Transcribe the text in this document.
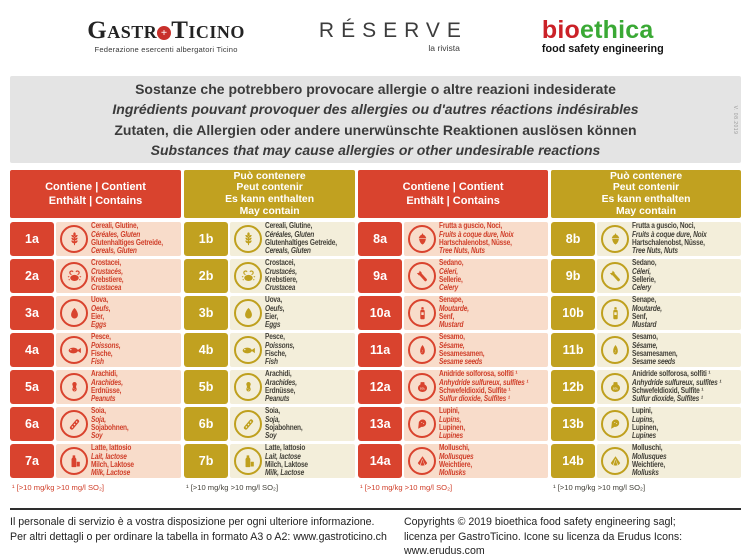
Gastr + Ticino
Federazione esercenti albergatori Ticino
RÉSERVE
la rivista
bioethica
food safety engineering
Sostanze che potrebbero provocare allergie o altre reazioni indesiderate
Ingrédients pouvant provoquer des allergies ou d'autres réactions indésirables
Zutaten, die Allergien oder andere unerwünschte Reaktionen auslösen können
Substances that may cause allergies or other undesirable reactions
V. 08.2019
Contiene | Contient
Enthält | Contains
1a
Cereali, Glutine,
Céréales, Gluten
Glutenhaltiges Getreide,
Cereals, Gluten
2a
Crostacei,
Crustacés,
Krebstiere,
Crustacea
3a
Uova,
Oeufs,
Eier,
Eggs
4a
Pesce,
Poissons,
Fische,
Fish
5a
Arachidi,
Arachides,
Erdnüsse,
Peanuts
6a
Soia,
Soja,
Sojabohnen,
Soy
7a
Latte, lattosio
Lait, lactose
Milch, Laktose
Milk, Lactose
¹ [>10 mg/kg >10 mg/l SO₂]
Può contenere
Peut contenir
Es kann enthalten
May contain
1b
Cereali, Glutine,
Céréales, Gluten
Glutenhaltiges Getreide,
Cereals, Gluten
2b
Crostacei,
Crustacés,
Krebstiere,
Crustacea
3b
Uova,
Oeufs,
Eier,
Eggs
4b
Pesce,
Poissons,
Fische,
Fish
5b
Arachidi,
Arachides,
Erdnüsse,
Peanuts
6b
Soia,
Soja,
Sojabohnen,
Soy
7b
Latte, lattosio
Lait, lactose
Milch, Laktose
Milk, Lactose
¹ [>10 mg/kg >10 mg/l SO₂]
Contiene | Contient
Enthält | Contains
8a
Frutta a guscio, Noci,
Fruits à coque dure, Noix
Hartschalenobst, Nüsse,
Tree Nuts, Nuts
9a
Sedano,
Céleri,
Sellerie,
Celery
10a
Senape,
Moutarde,
Senf,
Mustard
11a
Sesamo,
Sésame,
Sesamesamen,
Sesame seeds
12a	SO₂
Anidride solforosa, solfiti ¹
Anhydride sulfureux, sulfites ¹
Schwefeldioxid, Sulfite ¹
Sulfur dioxide, Sulfites ¹
13a
Lupini,
Lupins,
Lupinen,
Lupines
14a
Molluschi,
Mollusques
Weichtiere,
Mollusks
¹ [>10 mg/kg >10 mg/l SO₂]
Può contenere
Peut contenir
Es kann enthalten
May contain
8b
Frutta a guscio, Noci,
Fruits à coque dure, Noix
Hartschalenobst, Nüsse,
Tree Nuts, Nuts
9b
Sedano,
Céleri,
Sellerie,
Celery
10b
Senape,
Moutarde,
Senf,
Mustard
11b
Sesamo,
Sésame,
Sesamesamen,
Sesame seeds
12b	SO₂
Anidride solforosa, solfiti ¹
Anhydride sulfureux, sulfites ¹
Schwefeldioxid, Sulfite ¹
Sulfur dioxide, Sulfites ¹
13b
Lupini,
Lupins,
Lupinen,
Lupines
14b
Molluschi,
Mollusques
Weichtiere,
Mollusks
¹ [>10 mg/kg >10 mg/l SO₂]
Il personale di servizio è a vostra disposizione per ogni ulteriore informazione.
Per altri dettagli o per ordinare la tabella in formato A3 o A2: www.gastroticino.ch
Copyrights © 2019 bioethica food safety engineering sagl;
licenza per GastroTicino. Icone su licenza da Erudus Icons: www.erudus.com
